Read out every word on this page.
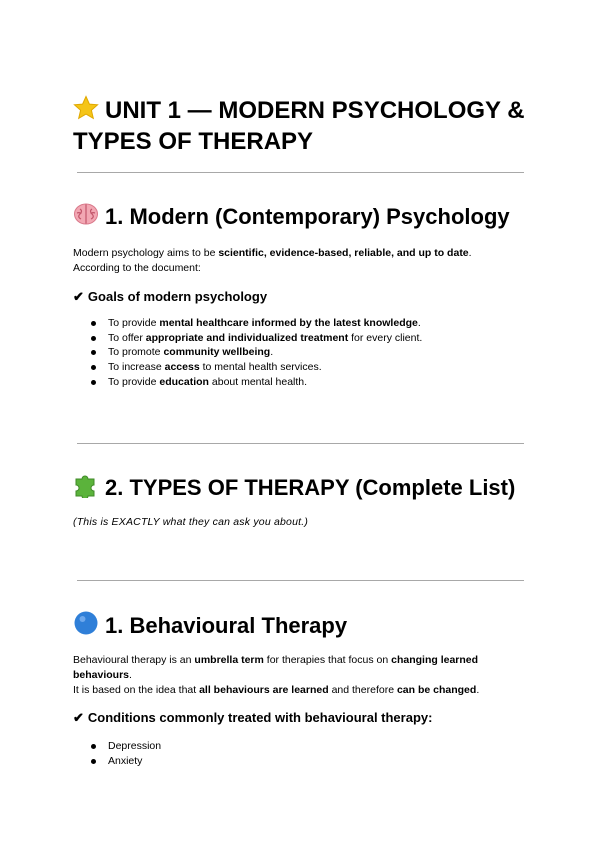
UNIT 1 — MODERN PSYCHOLOGY & TYPES OF THERAPY
1. Modern (Contemporary) Psychology

Modern psychology aims to be scientific, evidence-based, reliable, and up to date.

According to the document:

✔ Goals of modern psychology
To provide mental healthcare informed by the latest knowledge.
To offer appropriate and individualized treatment for every client.
To promote community wellbeing.
To increase access to mental health services.
To provide education about mental health.
2. TYPES OF THERAPY (Complete List)

(This is EXACTLY what they can ask you about.)

1. Behavioural Therapy

Behavioural therapy is an umbrella term for therapies that focus on changing learned behaviours.

It is based on the idea that all behaviours are learned and therefore can be changed.

✔ Conditions commonly treated with behavioural therapy:
Depression
Anxiety
